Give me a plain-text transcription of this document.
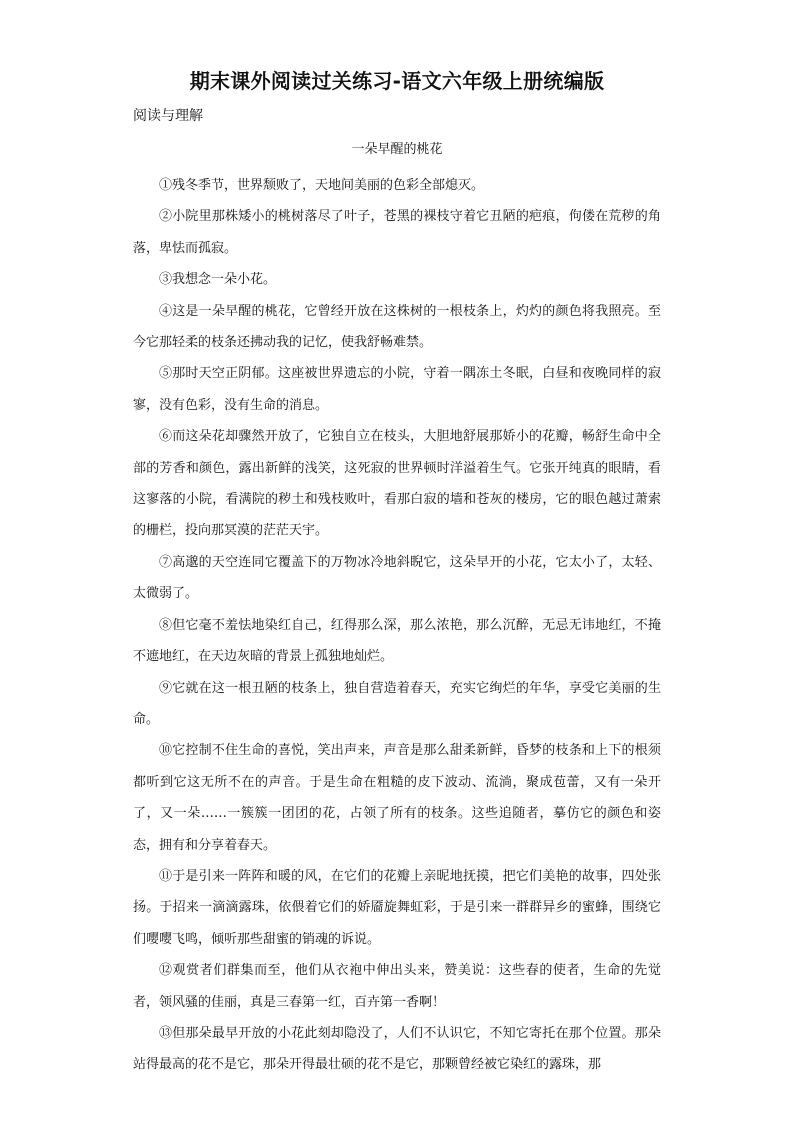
期末课外阅读过关练习-语文六年级上册统编版
阅读与理解
一朵早醒的桃花

①残冬季节，世界颓败了，天地间美丽的色彩全部熄灭。

②小院里那株矮小的桃树落尽了叶子，苍黑的裸枝守着它丑陋的疤痕，佝偻在荒秽的角落，卑怯而孤寂。

③我想念一朵小花。

④这是一朵早醒的桃花，它曾经开放在这株树的一根枝条上，灼灼的颜色将我照亮。至今它那轻柔的枝条还拂动我的记忆，使我舒畅难禁。

⑤那时天空正阴郁。这座被世界遗忘的小院，守着一隅冻土冬眠，白昼和夜晚同样的寂寥，没有色彩，没有生命的消息。

⑥而这朵花却骤然开放了，它独自立在枝头，大胆地舒展那娇小的花瓣，畅舒生命中全部的芳香和颜色，露出新鲜的浅笑，这死寂的世界顿时洋溢着生气。它张开纯真的眼睛，看这寥落的小院，看满院的秽土和残枝败叶，看那白寂的墙和苍灰的楼房，它的眼色越过萧索的栅栏，投向那冥漠的茫茫天宇。

⑦高邈的天空连同它覆盖下的万物冰冷地斜睨它，这朵早开的小花，它太小了，太轻、太微弱了。

⑧但它毫不羞怯地染红自己，红得那么深，那么浓艳，那么沉醉，无忌无讳地红，不掩不遮地红，在天边灰暗的背景上孤独地灿烂。

⑨它就在这一根丑陋的枝条上，独自营造着春天，充实它绚烂的年华，享受它美丽的生命。

⑩它控制不住生命的喜悦，笑出声来，声音是那么甜柔新鲜，昏梦的枝条和上下的根须都听到它这无所不在的声音。于是生命在粗糙的皮下波动、流淌，聚成苞蕾，又有一朵开了，又一朵……一簇簇一团团的花，占领了所有的枝条。这些追随者，摹仿它的颜色和姿态，拥有和分享着春天。

⑪于是引来一阵阵和暖的风，在它们的花瓣上亲昵地抚摸，把它们美艳的故事，四处张扬。于招来一滴滴露珠，依偎着它们的娇靥旋舞虹彩，于是引来一群群异乡的蜜蜂，围绕它们嘤嘤飞鸣，倾听那些甜蜜的销魂的诉说。

⑫观赏者们群集而至，他们从衣袍中伸出头来，赞美说：这些春的使者，生命的先觉者，领风骚的佳丽，真是三春第一红，百卉第一香啊！

⑬但那朵最早开放的小花此刻却隐没了，人们不认识它，不知它寄托在那个位置。那朵站得最高的花不是它，那朵开得最壮硕的花不是它，那颗曾经被它染红的露珠，那
